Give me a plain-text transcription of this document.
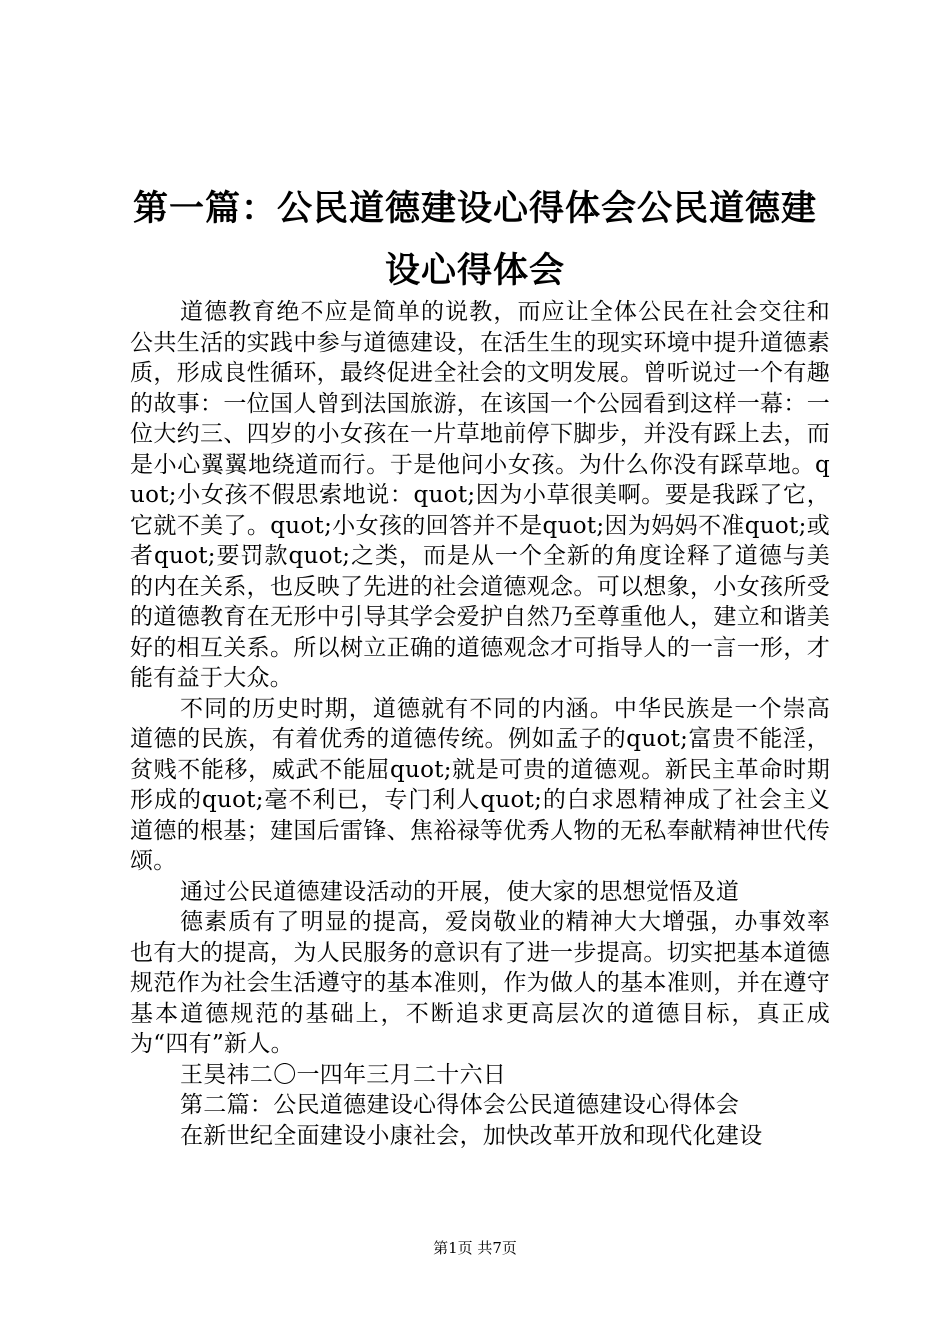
第一篇：公民道德建设心得体会公民道德建设心得体会

道德教育绝不应是简单的说教，而应让全体公民在社会交往和公共生活的实践中参与道德建设，在活生生的现实环境中提升道德素质，形成良性循环，最终促进全社会的文明发展。曾听说过一个有趣的故事：一位国人曾到法国旅游，在该国一个公园看到这样一幕：一位大约三、四岁的小女孩在一片草地前停下脚步，并没有踩上去，而是小心翼翼地绕道而行。于是他问小女孩。为什么你没有踩草地。quot;小女孩不假思索地说：quot;因为小草很美啊。要是我踩了它，它就不美了。quot;小女孩的回答并不是quot;因为妈妈不准quot;或者quot;要罚款quot;之类，而是从一个全新的角度诠释了道德与美的内在关系，也反映了先进的社会道德观念。可以想象，小女孩所受的道德教育在无形中引导其学会爱护自然乃至尊重他人，建立和谐美好的相互关系。所以树立正确的道德观念才可指导人的一言一形，才能有益于大众。

不同的历史时期，道德就有不同的内涵。中华民族是一个崇高道德的民族，有着优秀的道德传统。例如孟子的quot;富贵不能淫，贫贱不能移，威武不能屈quot;就是可贵的道德观。新民主革命时期形成的quot;毫不利已，专门利人quot;的白求恩精神成了社会主义道德的根基；建国后雷锋、焦裕禄等优秀人物的无私奉献精神世代传颂。

通过公民道德建设活动的开展，使大家的思想觉悟及道

德素质有了明显的提高，爱岗敬业的精神大大增强，办事效率也有大的提高，为人民服务的意识有了进一步提高。切实把基本道德规范作为社会生活遵守的基本准则，作为做人的基本准则，并在遵守基本道德规范的基础上，不断追求更高层次的道德目标，真正成为“四有”新人。

王昊祎二〇一四年三月二十六日

第二篇：公民道德建设心得体会公民道德建设心得体会

在新世纪全面建设小康社会，加快改革开放和现代化建设

第1页 共7页
